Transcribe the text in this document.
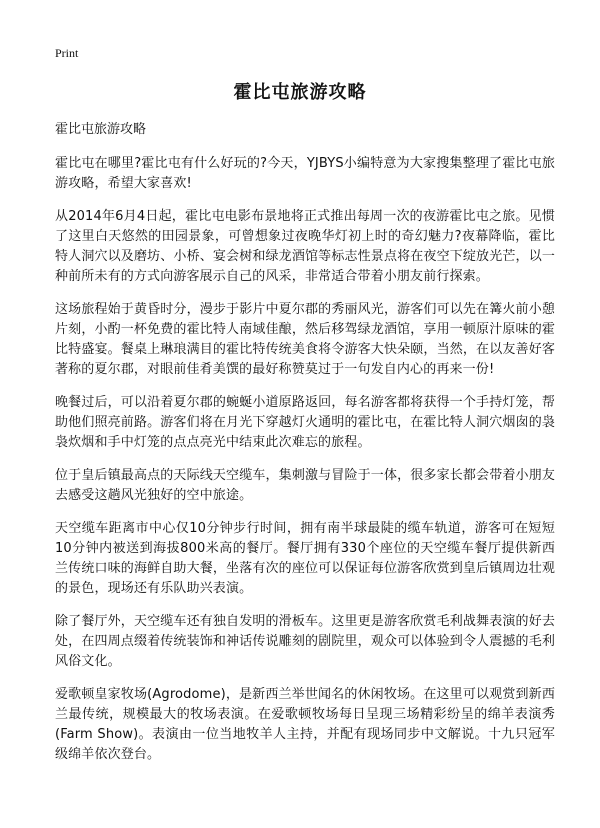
Print
霍比屯旅游攻略
霍比屯旅游攻略

霍比屯在哪里?霍比屯有什么好玩的?今天，YJBYS小编特意为大家搜集整理了霍比屯旅游攻略，希望大家喜欢!

从2014年6月4日起，霍比屯电影布景地将正式推出每周一次的夜游霍比屯之旅。见惯了这里白天悠然的田园景象，可曾想象过夜晚华灯初上时的奇幻魅力?夜幕降临，霍比特人洞穴以及磨坊、小桥、宴会树和绿龙酒馆等标志性景点将在夜空下绽放光芒，以一种前所未有的方式向游客展示自己的风采，非常适合带着小朋友前行探索。

这场旅程始于黄昏时分，漫步于影片中夏尔郡的秀丽风光，游客们可以先在篝火前小憩片刻，小酌一杯免费的霍比特人南域佳酿，然后移驾绿龙酒馆，享用一顿原汁原味的霍比特盛宴。餐桌上琳琅满目的霍比特传统美食将令游客大快朵颐，当然，在以友善好客著称的夏尔郡，对眼前佳肴美馔的最好称赞莫过于一句发自内心的再来一份!

晚餐过后，可以沿着夏尔郡的蜿蜒小道原路返回，每名游客都将获得一个手持灯笼，帮助他们照亮前路。游客们将在月光下穿越灯火通明的霍比屯，在霍比特人洞穴烟囱的袅袅炊烟和手中灯笼的点点亮光中结束此次难忘的旅程。

位于皇后镇最高点的天际线天空缆车，集刺激与冒险于一体，很多家长都会带着小朋友去感受这趟风光独好的空中旅途。

天空缆车距离市中心仅10分钟步行时间，拥有南半球最陡的缆车轨道，游客可在短短10分钟内被送到海拔800米高的餐厅。餐厅拥有330个座位的天空缆车餐厅提供新西兰传统口味的海鲜自助大餐，坐落有次的座位可以保证每位游客欣赏到皇后镇周边壮观的景色，现场还有乐队助兴表演。

除了餐厅外，天空缆车还有独自发明的滑板车。这里更是游客欣赏毛利战舞表演的好去处，在四周点缀着传统装饰和神话传说雕刻的剧院里，观众可以体验到令人震撼的毛利风俗文化。

爱歌顿皇家牧场(Agrodome)，是新西兰举世闻名的休闲牧场。在这里可以观赏到新西兰最传统，规模最大的牧场表演。在爱歌顿牧场每日呈现三场精彩纷呈的绵羊表演秀(Farm Show)。表演由一位当地牧羊人主持，并配有现场同步中文解说。十九只冠军级绵羊依次登台。
